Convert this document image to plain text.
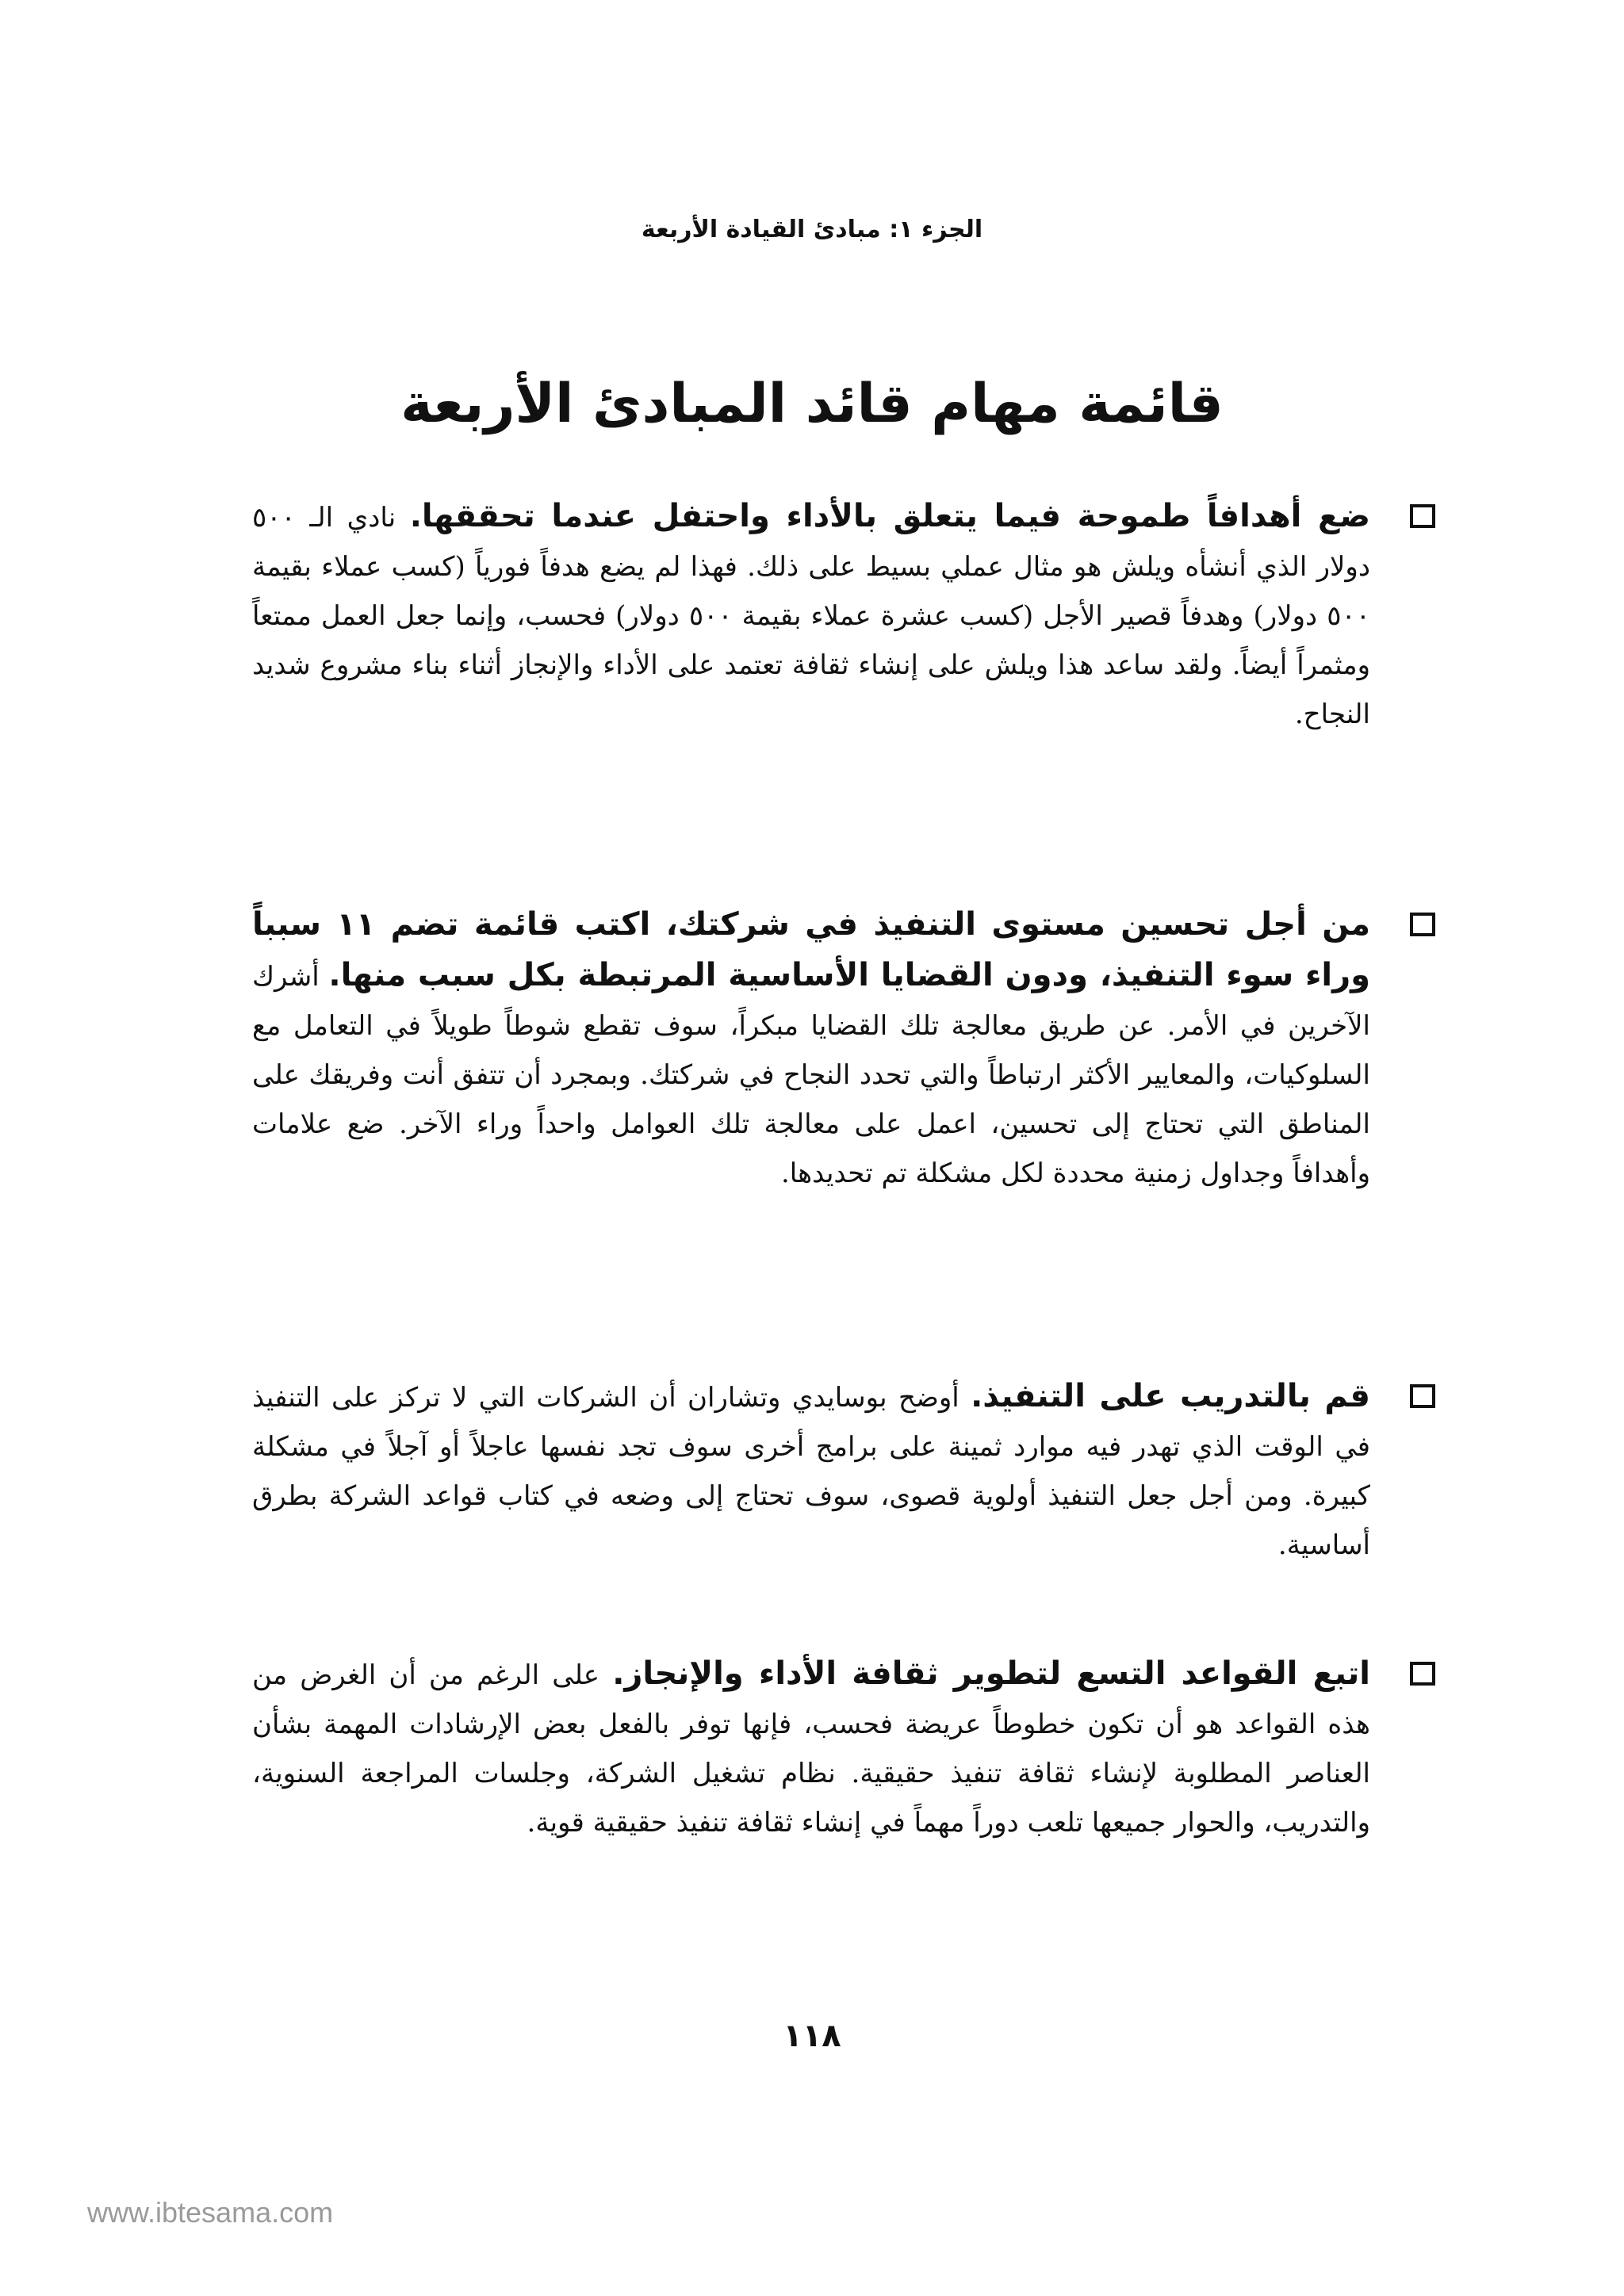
الجزء ١: مبادئ القيادة الأربعة
قائمة مهام قائد المبادئ الأربعة
ضع أهدافاً طموحة فيما يتعلق بالأداء واحتفل عندما تحققها. نادي الـ ٥٠٠ دولار الذي أنشأه ويلش هو مثال عملي بسيط على ذلك. فهذا لم يضع هدفاً فورياً (كسب عملاء بقيمة ٥٠٠ دولار) وهدفاً قصير الأجل (كسب عشرة عملاء بقيمة ٥٠٠ دولار) فحسب، وإنما جعل العمل ممتعاً ومثمراً أيضاً. ولقد ساعد هذا ويلش على إنشاء ثقافة تعتمد على الأداء والإنجاز أثناء بناء مشروع شديد النجاح.
من أجل تحسين مستوى التنفيذ في شركتك، اكتب قائمة تضم ١١ سبباً وراء سوء التنفيذ، ودون القضايا الأساسية المرتبطة بكل سبب منها. أشرك الآخرين في الأمر. عن طريق معالجة تلك القضايا مبكراً، سوف تقطع شوطاً طويلاً في التعامل مع السلوكيات، والمعايير الأكثر ارتباطاً والتي تحدد النجاح في شركتك. وبمجرد أن تتفق أنت وفريقك على المناطق التي تحتاج إلى تحسين، اعمل على معالجة تلك العوامل واحداً وراء الآخر. ضع علامات وأهدافاً وجداول زمنية محددة لكل مشكلة تم تحديدها.
قم بالتدريب على التنفيذ. أوضح بوسايدي وتشاران أن الشركات التي لا تركز على التنفيذ في الوقت الذي تهدر فيه موارد ثمينة على برامج أخرى سوف تجد نفسها عاجلاً أو آجلاً في مشكلة كبيرة. ومن أجل جعل التنفيذ أولوية قصوى، سوف تحتاج إلى وضعه في كتاب قواعد الشركة بطرق أساسية.
اتبع القواعد التسع لتطوير ثقافة الأداء والإنجاز. على الرغم من أن الغرض من هذه القواعد هو أن تكون خطوطاً عريضة فحسب، فإنها توفر بالفعل بعض الإرشادات المهمة بشأن العناصر المطلوبة لإنشاء ثقافة تنفيذ حقيقية. نظام تشغيل الشركة، وجلسات المراجعة السنوية، والتدريب، والحوار جميعها تلعب دوراً مهماً في إنشاء ثقافة تنفيذ حقيقية قوية.
١١٨
www.ibtesama.com
